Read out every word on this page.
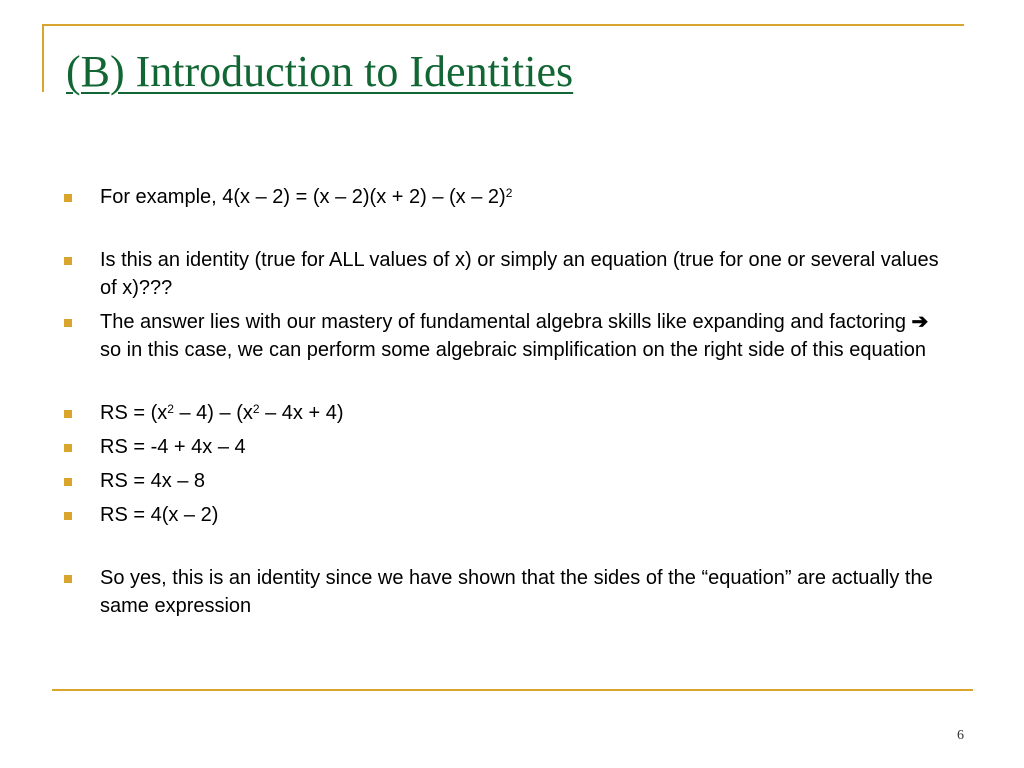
(B) Introduction to Identities
For example, 4(x – 2) = (x – 2)(x + 2) – (x – 2)$^2$
Is this an identity (true for ALL values of x) or simply an equation (true for one or several values of x)???
The answer lies with our mastery of fundamental algebra skills like expanding and factoring ➔ so in this case, we can perform some algebraic simplification on the right side of this equation
RS = $(x^2 - 4) - (x^2 - 4x + 4)$
RS = -4 + 4x – 4
RS = 4x – 8
RS = 4(x – 2)
So yes, this is an identity since we have shown that the sides of the “equation” are actually the same expression
6
